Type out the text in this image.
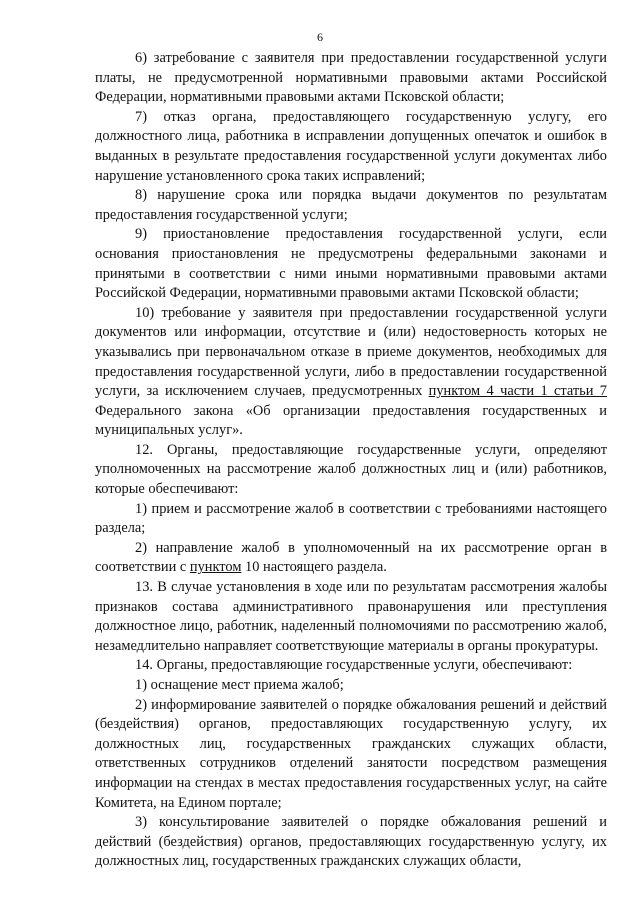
6

6) затребование с заявителя при предоставлении государственной услуги платы, не предусмотренной нормативными правовыми актами Российской Федерации, нормативными правовыми актами Псковской области;

7) отказ органа, предоставляющего государственную услугу, его должностного лица, работника в исправлении допущенных опечаток и ошибок в выданных в результате предоставления государственной услуги документах либо нарушение установленного срока таких исправлений;

8) нарушение срока или порядка выдачи документов по результатам предоставления государственной услуги;

9) приостановление предоставления государственной услуги, если основания приостановления не предусмотрены федеральными законами и принятыми в соответствии с ними иными нормативными правовыми актами Российской Федерации, нормативными правовыми актами Псковской области;

10) требование у заявителя при предоставлении государственной услуги документов или информации, отсутствие и (или) недостоверность которых не указывались при первоначальном отказе в приеме документов, необходимых для предоставления государственной услуги, либо в предоставлении государственной услуги, за исключением случаев, предусмотренных пунктом 4 части 1 статьи 7 Федерального закона «Об организации предоставления государственных и муниципальных услуг».

12. Органы, предоставляющие государственные услуги, определяют уполномоченных на рассмотрение жалоб должностных лиц и (или) работников, которые обеспечивают:

1) прием и рассмотрение жалоб в соответствии с требованиями настоящего раздела;

2) направление жалоб в уполномоченный на их рассмотрение орган в соответствии с пунктом 10 настоящего раздела.

13. В случае установления в ходе или по результатам рассмотрения жалобы признаков состава административного правонарушения или преступления должностное лицо, работник, наделенный полномочиями по рассмотрению жалоб, незамедлительно направляет соответствующие материалы в органы прокуратуры.

14. Органы, предоставляющие государственные услуги, обеспечивают:

1) оснащение мест приема жалоб;

2) информирование заявителей о порядке обжалования решений и действий (бездействия) органов, предоставляющих государственную услугу, их должностных лиц, государственных гражданских служащих области, ответственных сотрудников отделений занятости посредством размещения информации на стендах в местах предоставления государственных услуг, на сайте Комитета, на Едином портале;

3) консультирование заявителей о порядке обжалования решений и действий (бездействия) органов, предоставляющих государственную услугу, их должностных лиц, государственных гражданских служащих области,
